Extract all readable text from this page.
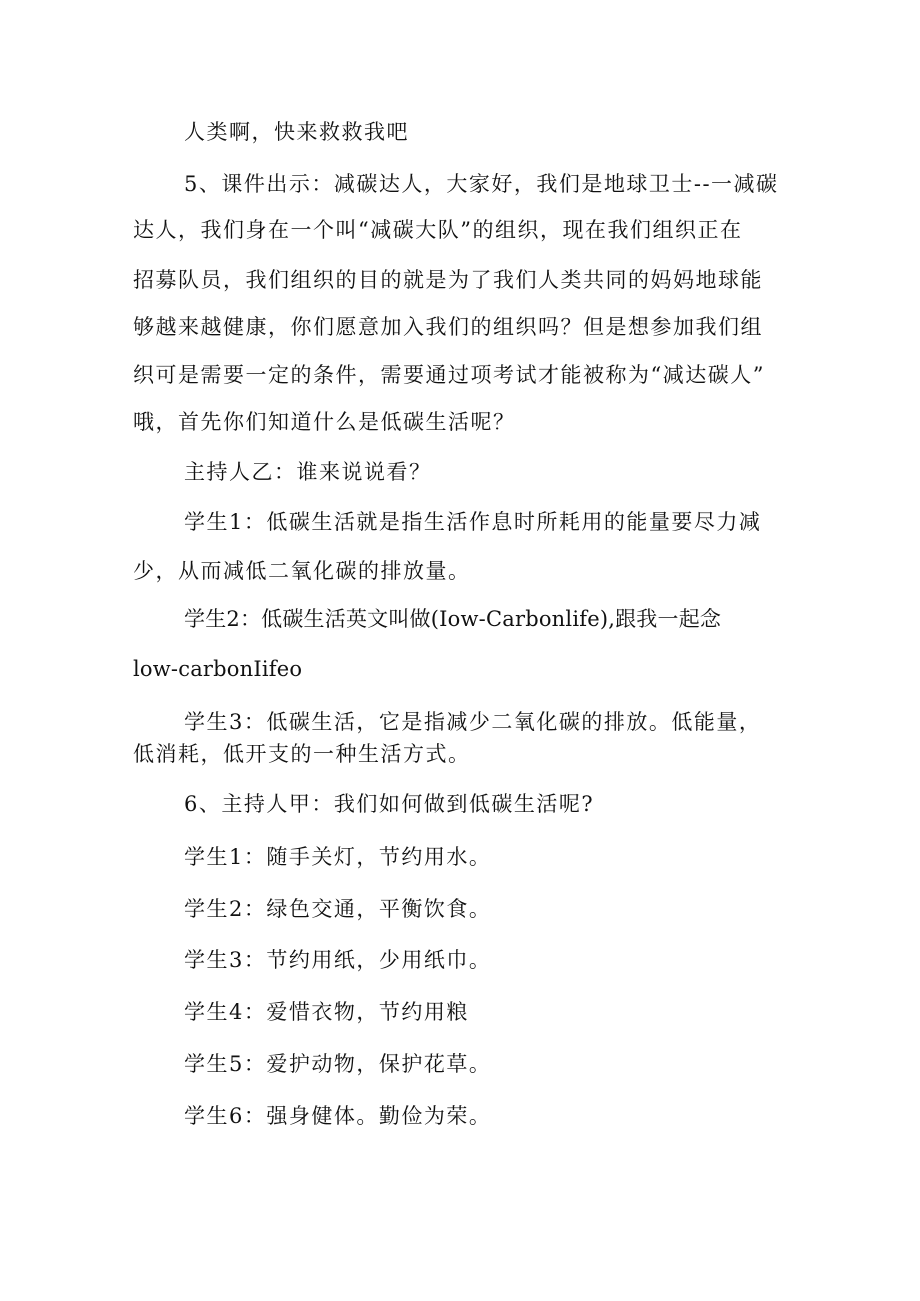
人类啊，快来救救我吧
5、课件出示：减碳达人，大家好，我们是地球卫士--一减碳
达人，我们身在一个叫“减碳大队”的组织，现在我们组织正在
招募队员，我们组织的目的就是为了我们人类共同的妈妈地球能
够越来越健康，你们愿意加入我们的组织吗？但是想参加我们组
织可是需要一定的条件，需要通过项考试才能被称为“减达碳人”
哦，首先你们知道什么是低碳生活呢？
主持人乙：谁来说说看？
学生1：低碳生活就是指生活作息时所耗用的能量要尽力减
少，从而减低二氧化碳的排放量。
学生2：低碳生活英文叫做(Iow-Carbonlife),跟我一起念
low-carbonIifeo
学生3：低碳生活，它是指减少二氧化碳的排放。低能量，
低消耗，低开支的一种生活方式。
6、主持人甲：我们如何做到低碳生活呢?
学生1：随手关灯，节约用水。
学生2：绿色交通，平衡饮食。
学生3：节约用纸，少用纸巾。
学生4：爱惜衣物，节约用粮
学生5：爱护动物，保护花草。
学生6：强身健体。勤俭为荣。
